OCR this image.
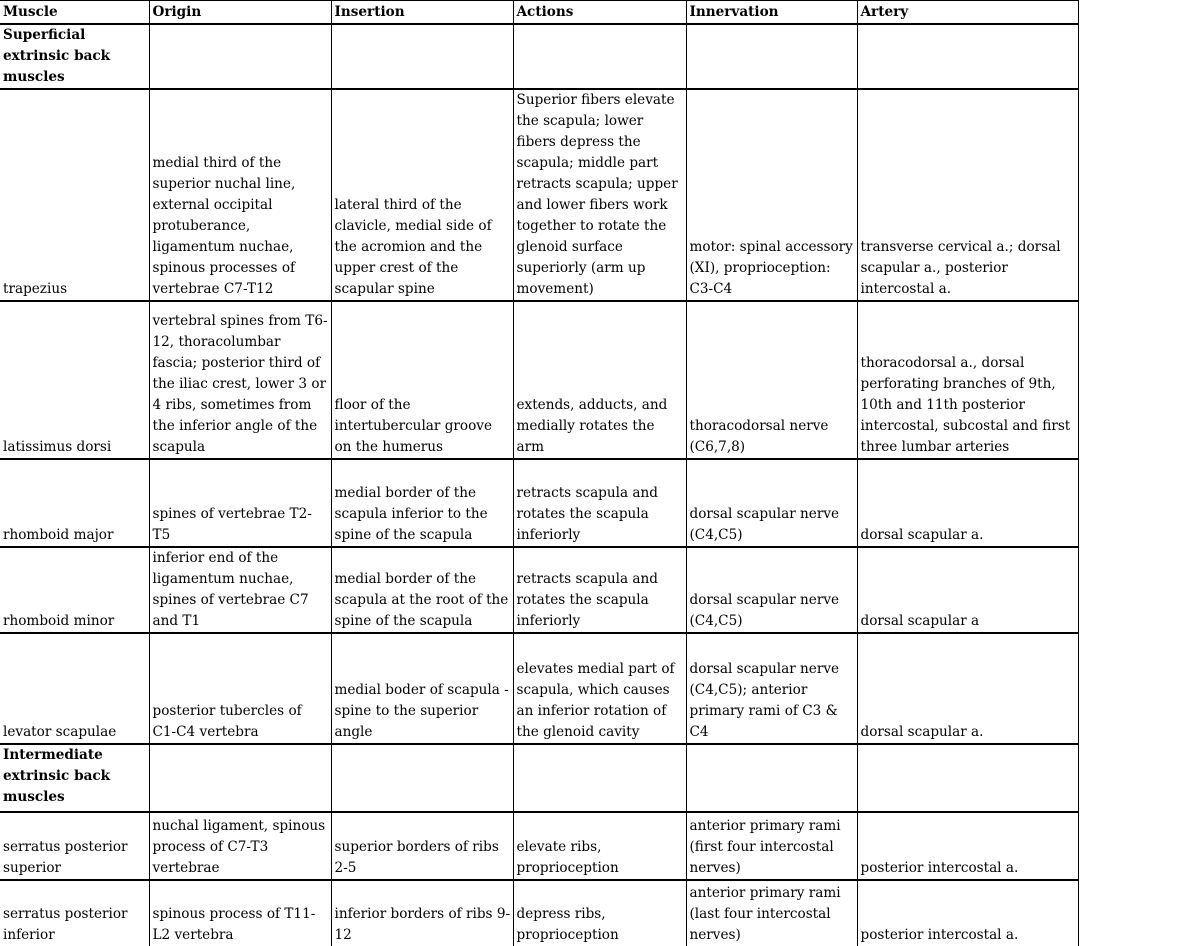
Muscle	Origin	Insertion	Actions	Innervation	Artery
Superficial extrinsic back muscles					
trapezius	medial third of the superior nuchal line, external occipital protuberance, ligamentum nuchae, spinous processes of vertebrae C7-T12	lateral third of the clavicle, medial side of the acromion and the upper crest of the scapular spine	Superior fibers elevate the scapula; lower fibers depress the scapula; middle part retracts scapula; upper and lower fibers work together to rotate the glenoid surface superiorly (arm up movement)	motor: spinal accessory (XI), proprioception: C3-C4	transverse cervical a.; dorsal scapular a., posterior intercostal a.
latissimus dorsi	vertebral spines from T6-12, thoracolumbar fascia; posterior third of the iliac crest, lower 3 or 4 ribs, sometimes from the inferior angle of the scapula	floor of the intertubercular groove on the humerus	extends, adducts, and medially rotates the arm	thoracodorsal nerve (C6,7,8)	thoracodorsal a., dorsal perforating branches of 9th, 10th and 11th posterior intercostal, subcostal and first three lumbar arteries
rhomboid major	spines of vertebrae T2-T5	medial border of the scapula inferior to the spine of the scapula	retracts scapula and rotates the scapula inferiorly	dorsal scapular nerve (C4,C5)	dorsal scapular a.
rhomboid minor	inferior end of the ligamentum nuchae, spines of vertebrae C7 and T1	medial border of the scapula at the root of the spine of the scapula	retracts scapula and rotates the scapula inferiorly	dorsal scapular nerve (C4,C5)	dorsal scapular a
levator scapulae	posterior tubercles of C1-C4 vertebra	medial boder of scapula - spine to the superior angle	elevates medial part of scapula, which causes an inferior rotation of the glenoid cavity	dorsal scapular nerve (C4,C5); anterior primary rami of C3 & C4	dorsal scapular a.
Intermediate extrinsic back muscles					
serratus posterior superior	nuchal ligament, spinous process of C7-T3 vertebrae	superior borders of ribs 2-5	elevate ribs, proprioception	anterior primary rami (first four intercostal nerves)	posterior intercostal a.
serratus posterior inferior	spinous process of T11-L2 vertebra	inferior borders of ribs 9-12	depress ribs, proprioception	anterior primary rami (last four intercostal nerves)	posterior intercostal a.
